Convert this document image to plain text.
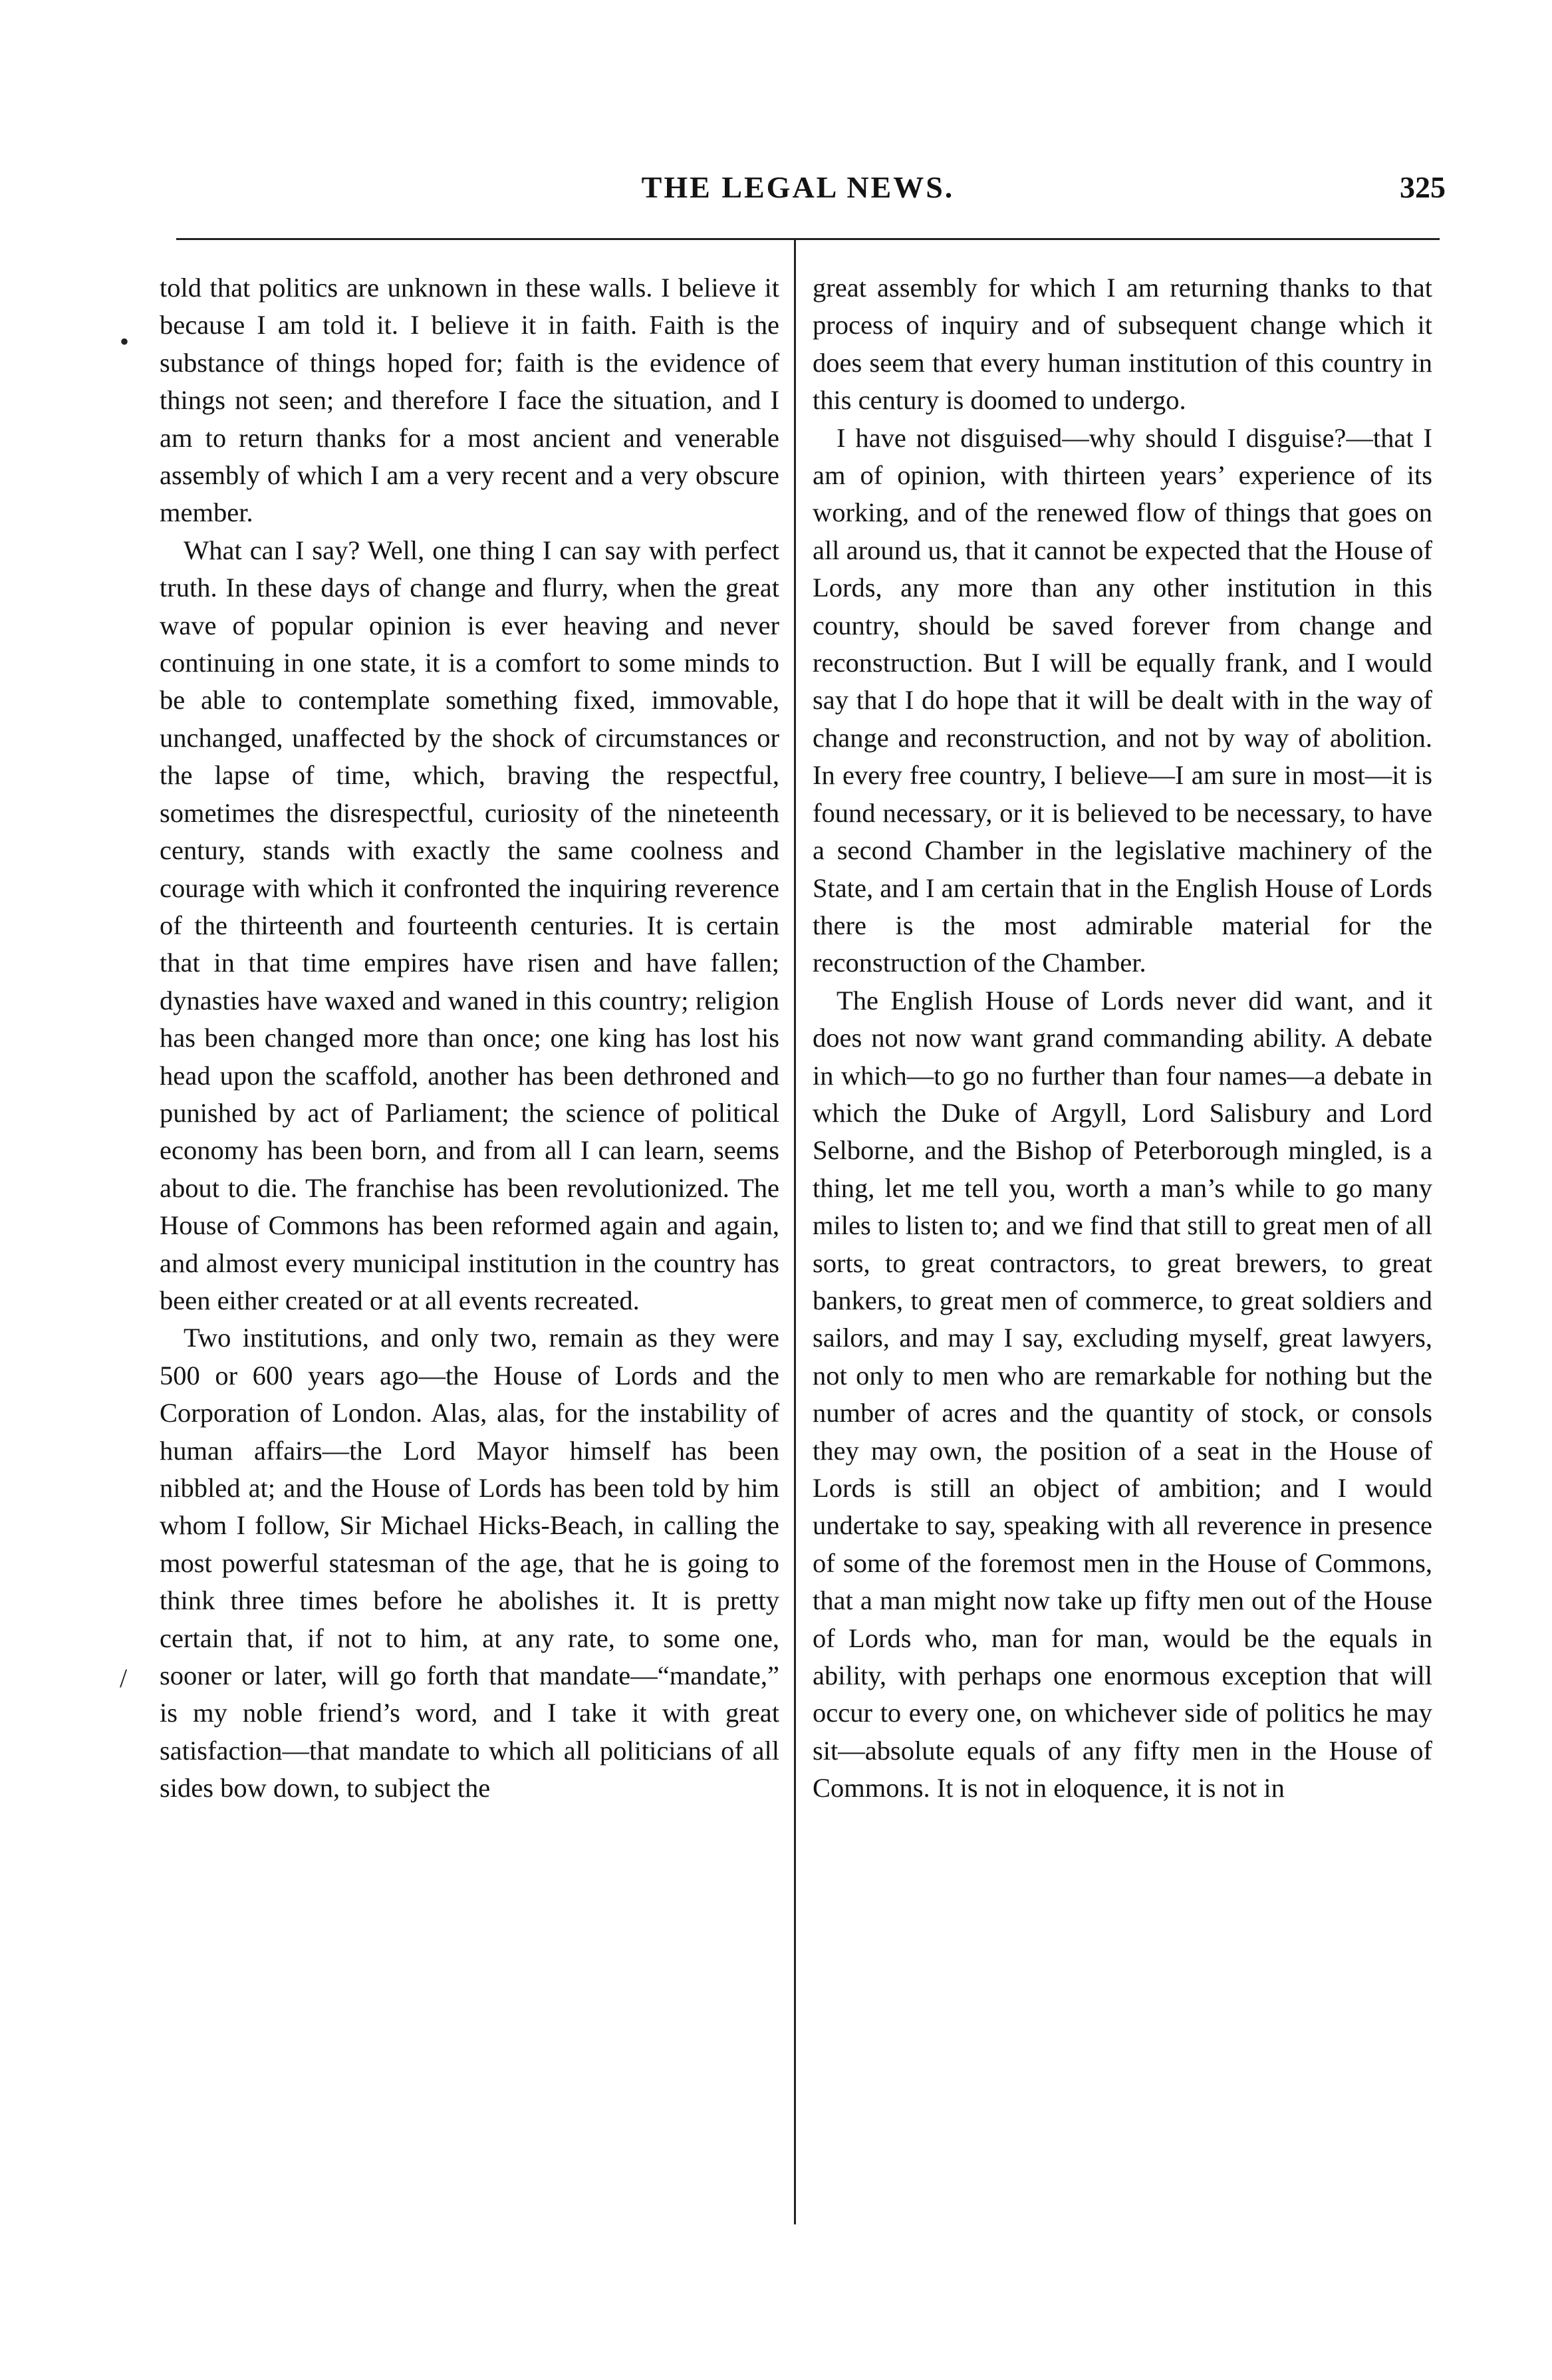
THE LEGAL NEWS.	325
•
/

told that politics are unknown in these walls. I believe it because I am told it. I believe it in faith. Faith is the substance of things hoped for; faith is the evidence of things not seen; and therefore I face the situation, and I am to return thanks for a most ancient and venerable assembly of which I am a very recent and a very obscure member.

What can I say? Well, one thing I can say with perfect truth. In these days of change and flurry, when the great wave of popular opinion is ever heaving and never continuing in one state, it is a comfort to some minds to be able to contemplate something fixed, immovable, unchanged, unaffected by the shock of circumstances or the lapse of time, which, braving the respectful, sometimes the disrespectful, curiosity of the nineteenth century, stands with exactly the same coolness and courage with which it confronted the inquiring reverence of the thirteenth and fourteenth centuries. It is certain that in that time empires have risen and have fallen; dynasties have waxed and waned in this country; religion has been changed more than once; one king has lost his head upon the scaffold, another has been dethroned and punished by act of Parliament; the science of political economy has been born, and from all I can learn, seems about to die. The franchise has been revolutionized. The House of Commons has been reformed again and again, and almost every municipal institution in the country has been either created or at all events recreated.

Two institutions, and only two, remain as they were 500 or 600 years ago—the House of Lords and the Corporation of London. Alas, alas, for the instability of human affairs—the Lord Mayor himself has been nibbled at; and the House of Lords has been told by him whom I follow, Sir Michael Hicks-Beach, in calling the most powerful statesman of the age, that he is going to think three times before he abolishes it. It is pretty certain that, if not to him, at any rate, to some one, sooner or later, will go forth that mandate—“mandate,” is my noble friend’s word, and I take it with great satisfaction—that mandate to which all politicians of all sides bow down, to subject the

great assembly for which I am returning thanks to that process of inquiry and of subsequent change which it does seem that every human institution of this country in this century is doomed to undergo.

I have not disguised—why should I disguise?—that I am of opinion, with thirteen years’ experience of its working, and of the renewed flow of things that goes on all around us, that it cannot be expected that the House of Lords, any more than any other institution in this country, should be saved forever from change and reconstruction. But I will be equally frank, and I would say that I do hope that it will be dealt with in the way of change and reconstruction, and not by way of abolition. In every free country, I believe—I am sure in most—it is found necessary, or it is believed to be necessary, to have a second Chamber in the legislative machinery of the State, and I am certain that in the English House of Lords there is the most admirable material for the reconstruction of the Chamber.

The English House of Lords never did want, and it does not now want grand commanding ability. A debate in which—to go no further than four names—a debate in which the Duke of Argyll, Lord Salisbury and Lord Selborne, and the Bishop of Peterborough mingled, is a thing, let me tell you, worth a man’s while to go many miles to listen to; and we find that still to great men of all sorts, to great contractors, to great brewers, to great bankers, to great men of commerce, to great soldiers and sailors, and may I say, excluding myself, great lawyers, not only to men who are remarkable for nothing but the number of acres and the quantity of stock, or consols they may own, the position of a seat in the House of Lords is still an object of ambition; and I would undertake to say, speaking with all reverence in presence of some of the foremost men in the House of Commons, that a man might now take up fifty men out of the House of Lords who, man for man, would be the equals in ability, with perhaps one enormous exception that will occur to every one, on whichever side of politics he may sit—absolute equals of any fifty men in the House of Commons. It is not in eloquence, it is not in
